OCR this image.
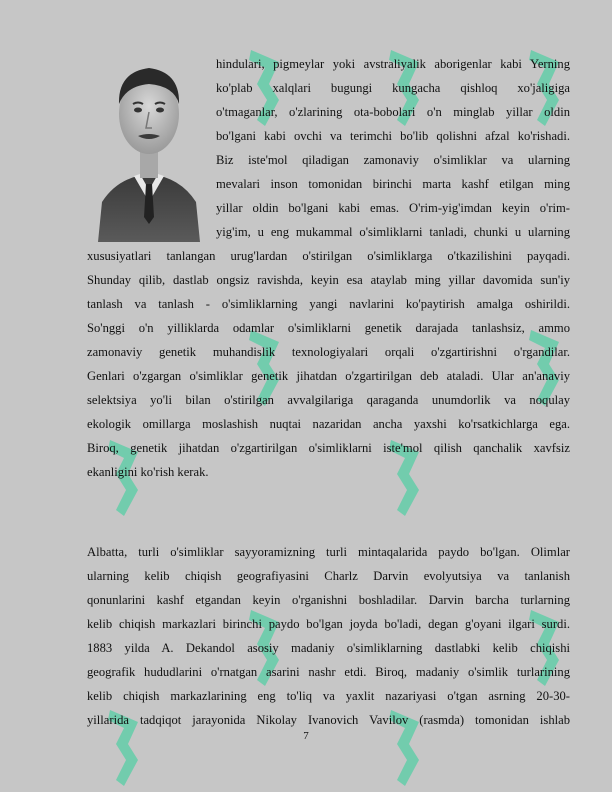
hindulari, pigmeylar yoki avstraliyalik aborigenlar kabi Yerning
ko'plab xalqlari bugungi kungacha qishloq xo'jaligiga
o'tmaganlar, o'zlarining ota-bobolari o'n minglab yillar oldin
bo'lgani kabi ovchi va terimchi bo'lib qolishni afzal ko'rishadi.
Biz iste'mol qiladigan zamonaviy o'simliklar va ularning
mevalari inson tomonidan birinchi marta kashf etilgan ming
yillar oldin bo'lgani kabi emas. O'rim-yig'imdan keyin o'rim-
yig'im, u eng mukammal o'simliklarni tanladi, chunki u ularning
xususiyatlari tanlangan urug'lardan o'stirilgan o'simliklarga o'tkazilishini payqadi.
Shunday qilib, dastlab ongsiz ravishda, keyin esa ataylab ming yillar davomida sun'iy
tanlash va tanlash - o'simliklarning yangi navlarini ko'paytirish amalga oshirildi.
So'nggi o'n yilliklarda odamlar o'simliklarni genetik darajada tanlashsiz, ammo
zamonaviy genetik muhandislik texnologiyalari orqali o'zgartirishni o'rgandilar.
Genlari o'zgargan o'simliklar genetik jihatdan o'zgartirilgan deb ataladi. Ular an'anaviy
selektsiya yo'li bilan o'stirilgan avvalgilariga qaraganda unumdorlik va noqulay
ekologik omillarga moslashish nuqtai nazaridan ancha yaxshi ko'rsatkichlarga ega.
Biroq, genetik jihatdan o'zgartirilgan o'simliklarni iste'mol qilish qanchalik xavfsiz
ekanligini ko'rish kerak.
Albatta, turli o'simliklar sayyoramizning turli mintaqalarida paydo bo'lgan. Olimlar
ularning kelib chiqish geografiyasini Charlz Darvin evolyutsiya va tanlanish
qonunlarini kashf etgandan keyin o'rganishni boshladilar. Darvin barcha turlarning
kelib chiqish markazlari birinchi paydo bo'lgan joyda bo'ladi, degan g'oyani ilgari surdi.
1883 yilda A. Dekandol asosiy madaniy o'simliklarning dastlabki kelib chiqishi
geografik hududlarini o'rnatgan asarini nashr etdi. Biroq, madaniy o'simlik turlarining
kelib chiqish markazlarining eng to'liq va yaxlit nazariyasi o'tgan asrning 20-30-
yillarida tadqiqot jarayonida Nikolay Ivanovich Vavilov (rasmda) tomonidan ishlab
7
